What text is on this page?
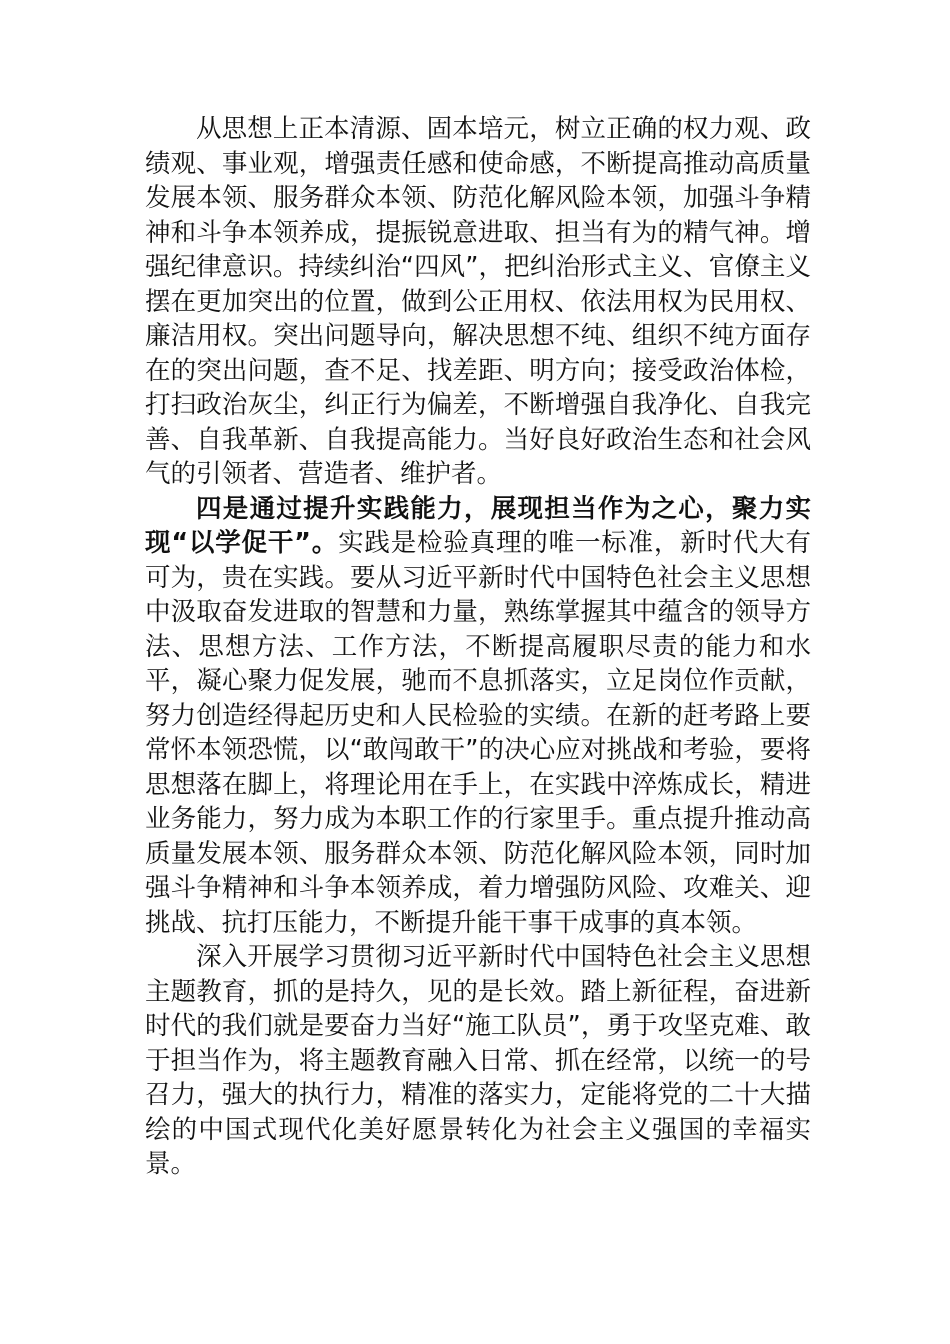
从思想上正本清源、固本培元，树立正确的权力观、政绩观、事业观，增强责任感和使命感，不断提高推动高质量发展本领、服务群众本领、防范化解风险本领，加强斗争精神和斗争本领养成，提振锐意进取、担当有为的精气神。增强纪律意识。持续纠治“四风”，把纠治形式主义、官僚主义摆在更加突出的位置，做到公正用权、依法用权为民用权、廉洁用权。突出问题导向，解决思想不纯、组织不纯方面存在的突出问题，查不足、找差距、明方向；接受政治体检，打扫政治灰尘，纠正行为偏差，不断增强自我净化、自我完善、自我革新、自我提高能力。当好良好政治生态和社会风气的引领者、营造者、维护者。

四是通过提升实践能力，展现担当作为之心，聚力实现“以学促干”。实践是检验真理的唯一标准，新时代大有可为，贵在实践。要从习近平新时代中国特色社会主义思想中汲取奋发进取的智慧和力量，熟练掌握其中蕴含的领导方法、思想方法、工作方法，不断提高履职尽责的能力和水平，凝心聚力促发展，驰而不息抓落实，立足岗位作贡献，努力创造经得起历史和人民检验的实绩。在新的赶考路上要常怀本领恐慌，以“敢闯敢干”的决心应对挑战和考验，要将思想落在脚上，将理论用在手上，在实践中淬炼成长，精进业务能力，努力成为本职工作的行家里手。重点提升推动高质量发展本领、服务群众本领、防范化解风险本领，同时加强斗争精神和斗争本领养成，着力增强防风险、攻难关、迎挑战、抗打压能力，不断提升能干事干成事的真本领。

深入开展学习贯彻习近平新时代中国特色社会主义思想主题教育，抓的是持久，见的是长效。踏上新征程，奋进新时代的我们就是要奋力当好“施工队员”，勇于攻坚克难、敢于担当作为，将主题教育融入日常、抓在经常，以统一的号召力，强大的执行力，精准的落实力，定能将党的二十大描绘的中国式现代化美好愿景转化为社会主义强国的幸福实景。
